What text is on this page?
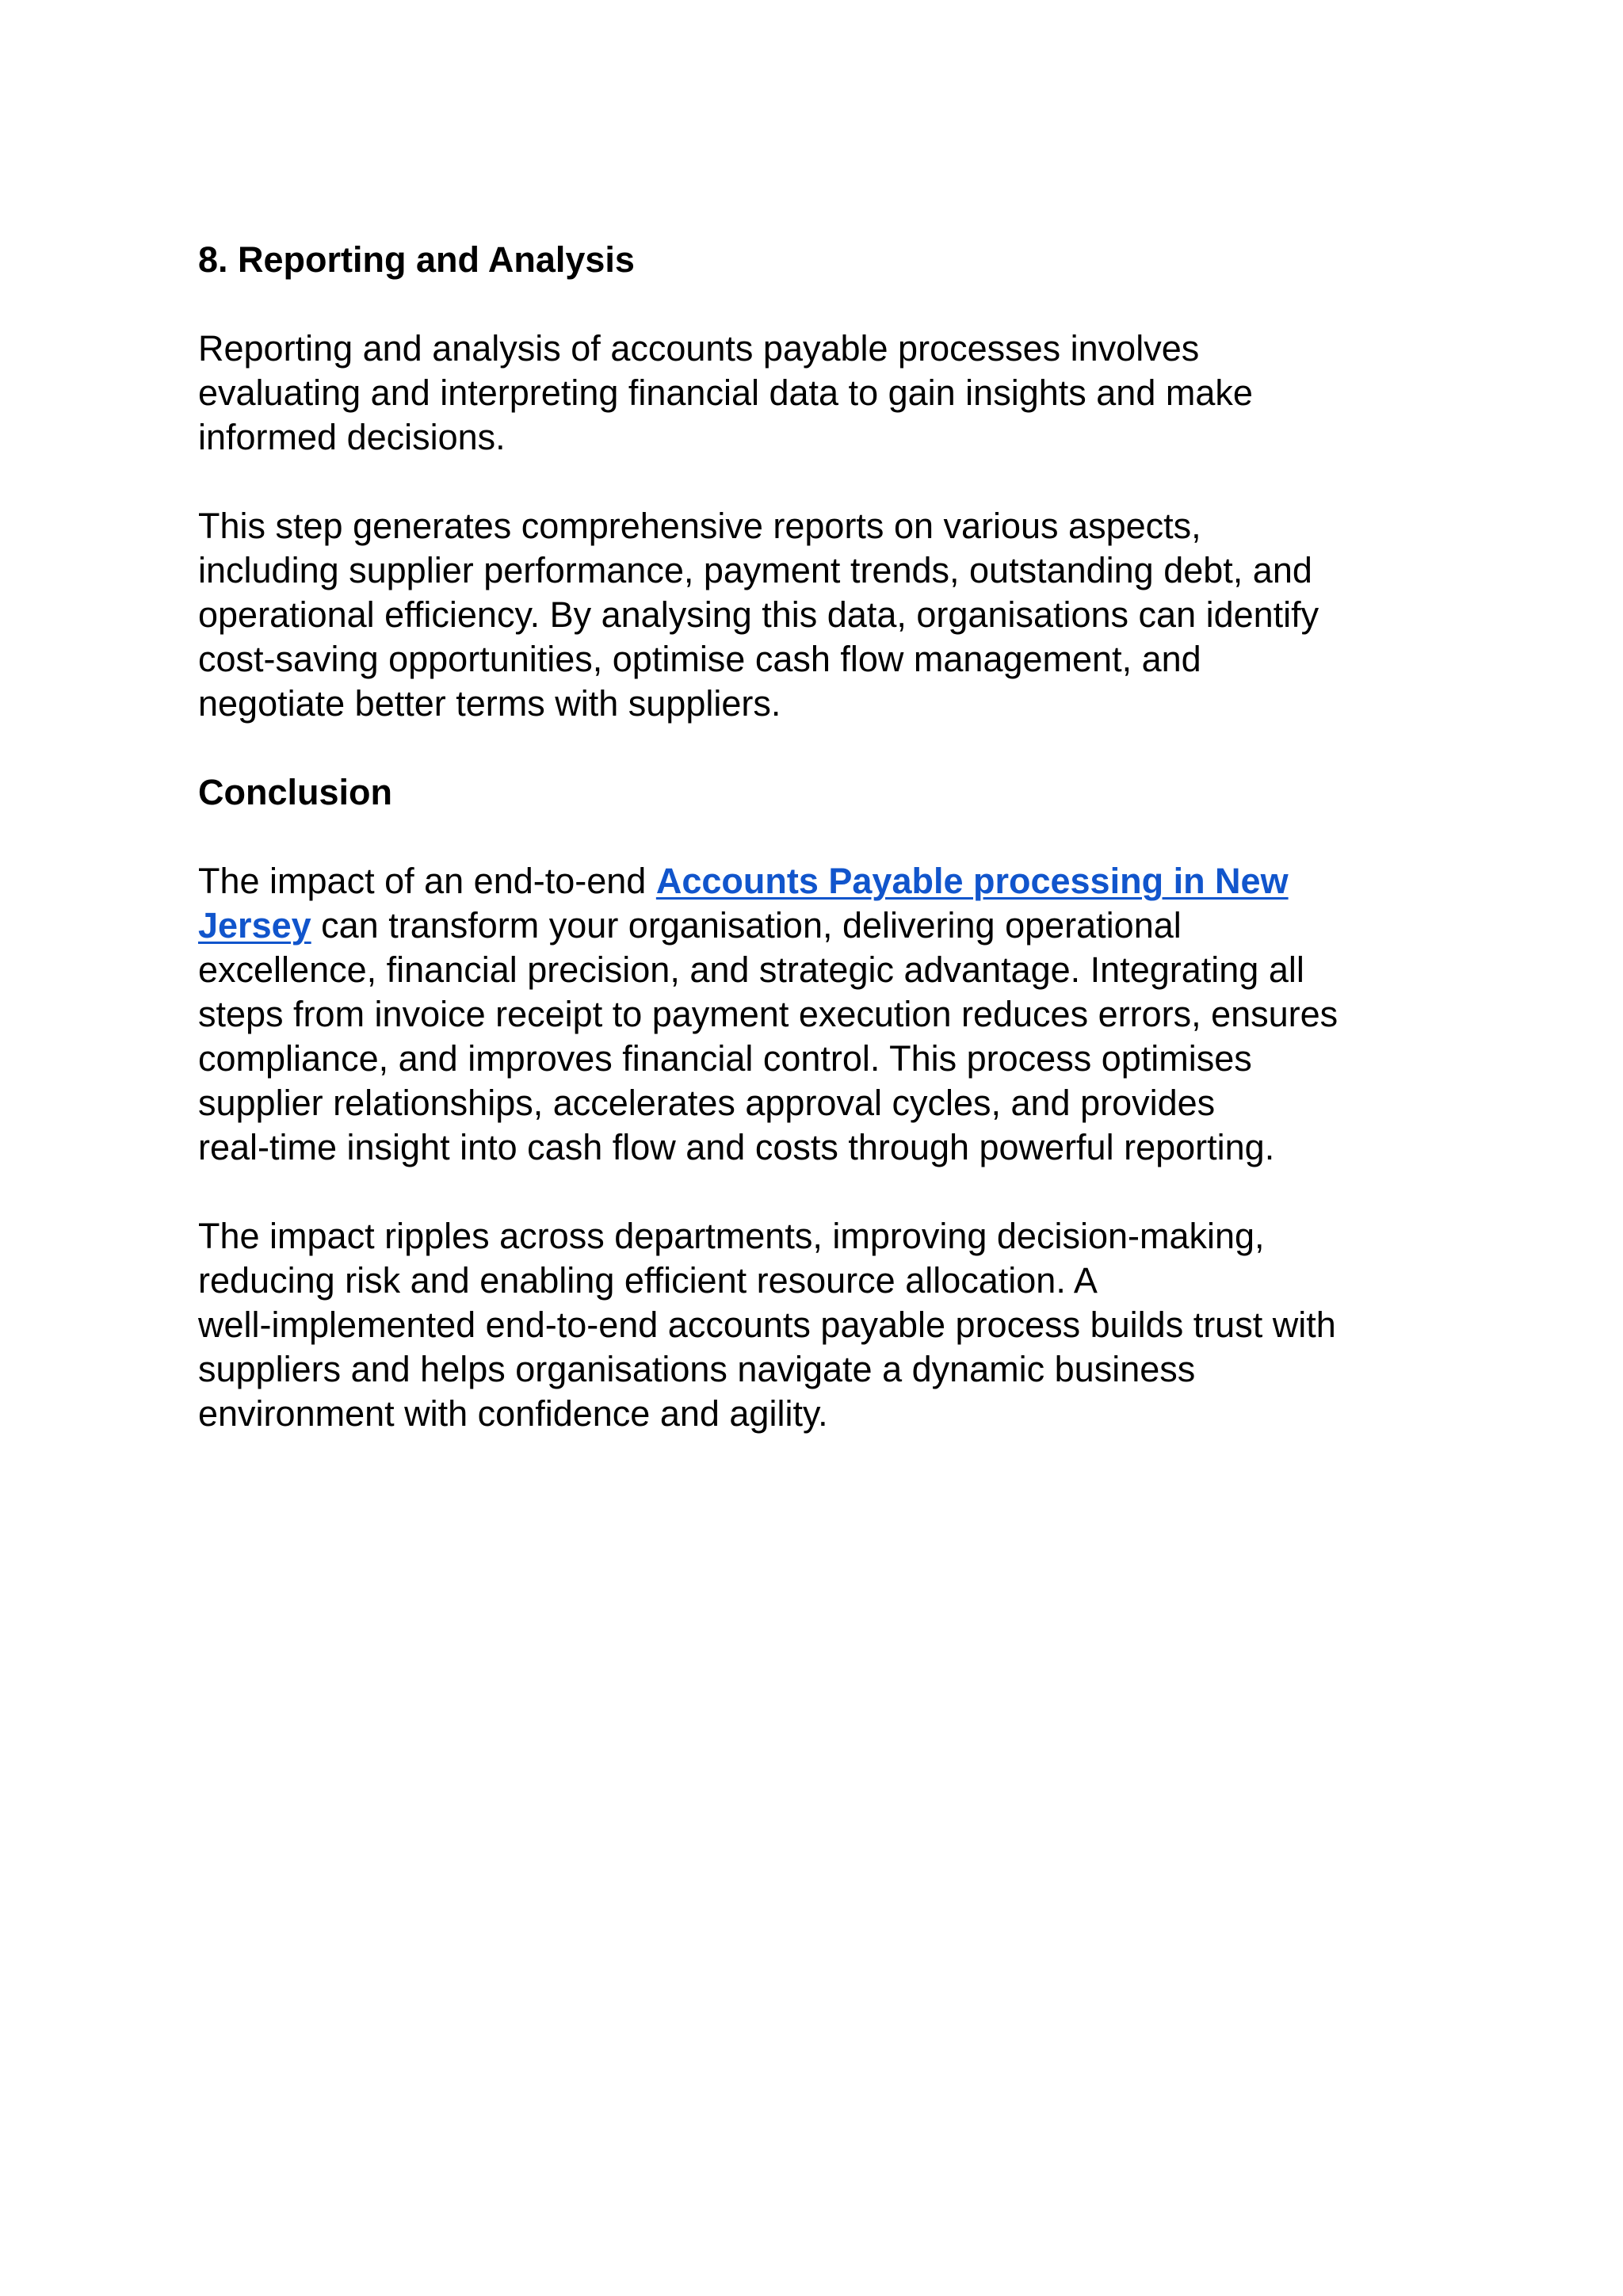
8. Reporting and Analysis

Reporting and analysis of accounts payable processes involves
evaluating and interpreting financial data to gain insights and make
informed decisions.

This step generates comprehensive reports on various aspects,
including supplier performance, payment trends, outstanding debt, and
operational efficiency. By analysing this data, organisations can identify
cost-saving opportunities, optimise cash flow management, and
negotiate better terms with suppliers.

Conclusion

The impact of an end-to-end Accounts Payable processing in New
Jersey can transform your organisation, delivering operational
excellence, financial precision, and strategic advantage. Integrating all
steps from invoice receipt to payment execution reduces errors, ensures
compliance, and improves financial control. This process optimises
supplier relationships, accelerates approval cycles, and provides
real-time insight into cash flow and costs through powerful reporting.

The impact ripples across departments, improving decision-making,
reducing risk and enabling efficient resource allocation. A
well-implemented end-to-end accounts payable process builds trust with
suppliers and helps organisations navigate a dynamic business
environment with confidence and agility.
